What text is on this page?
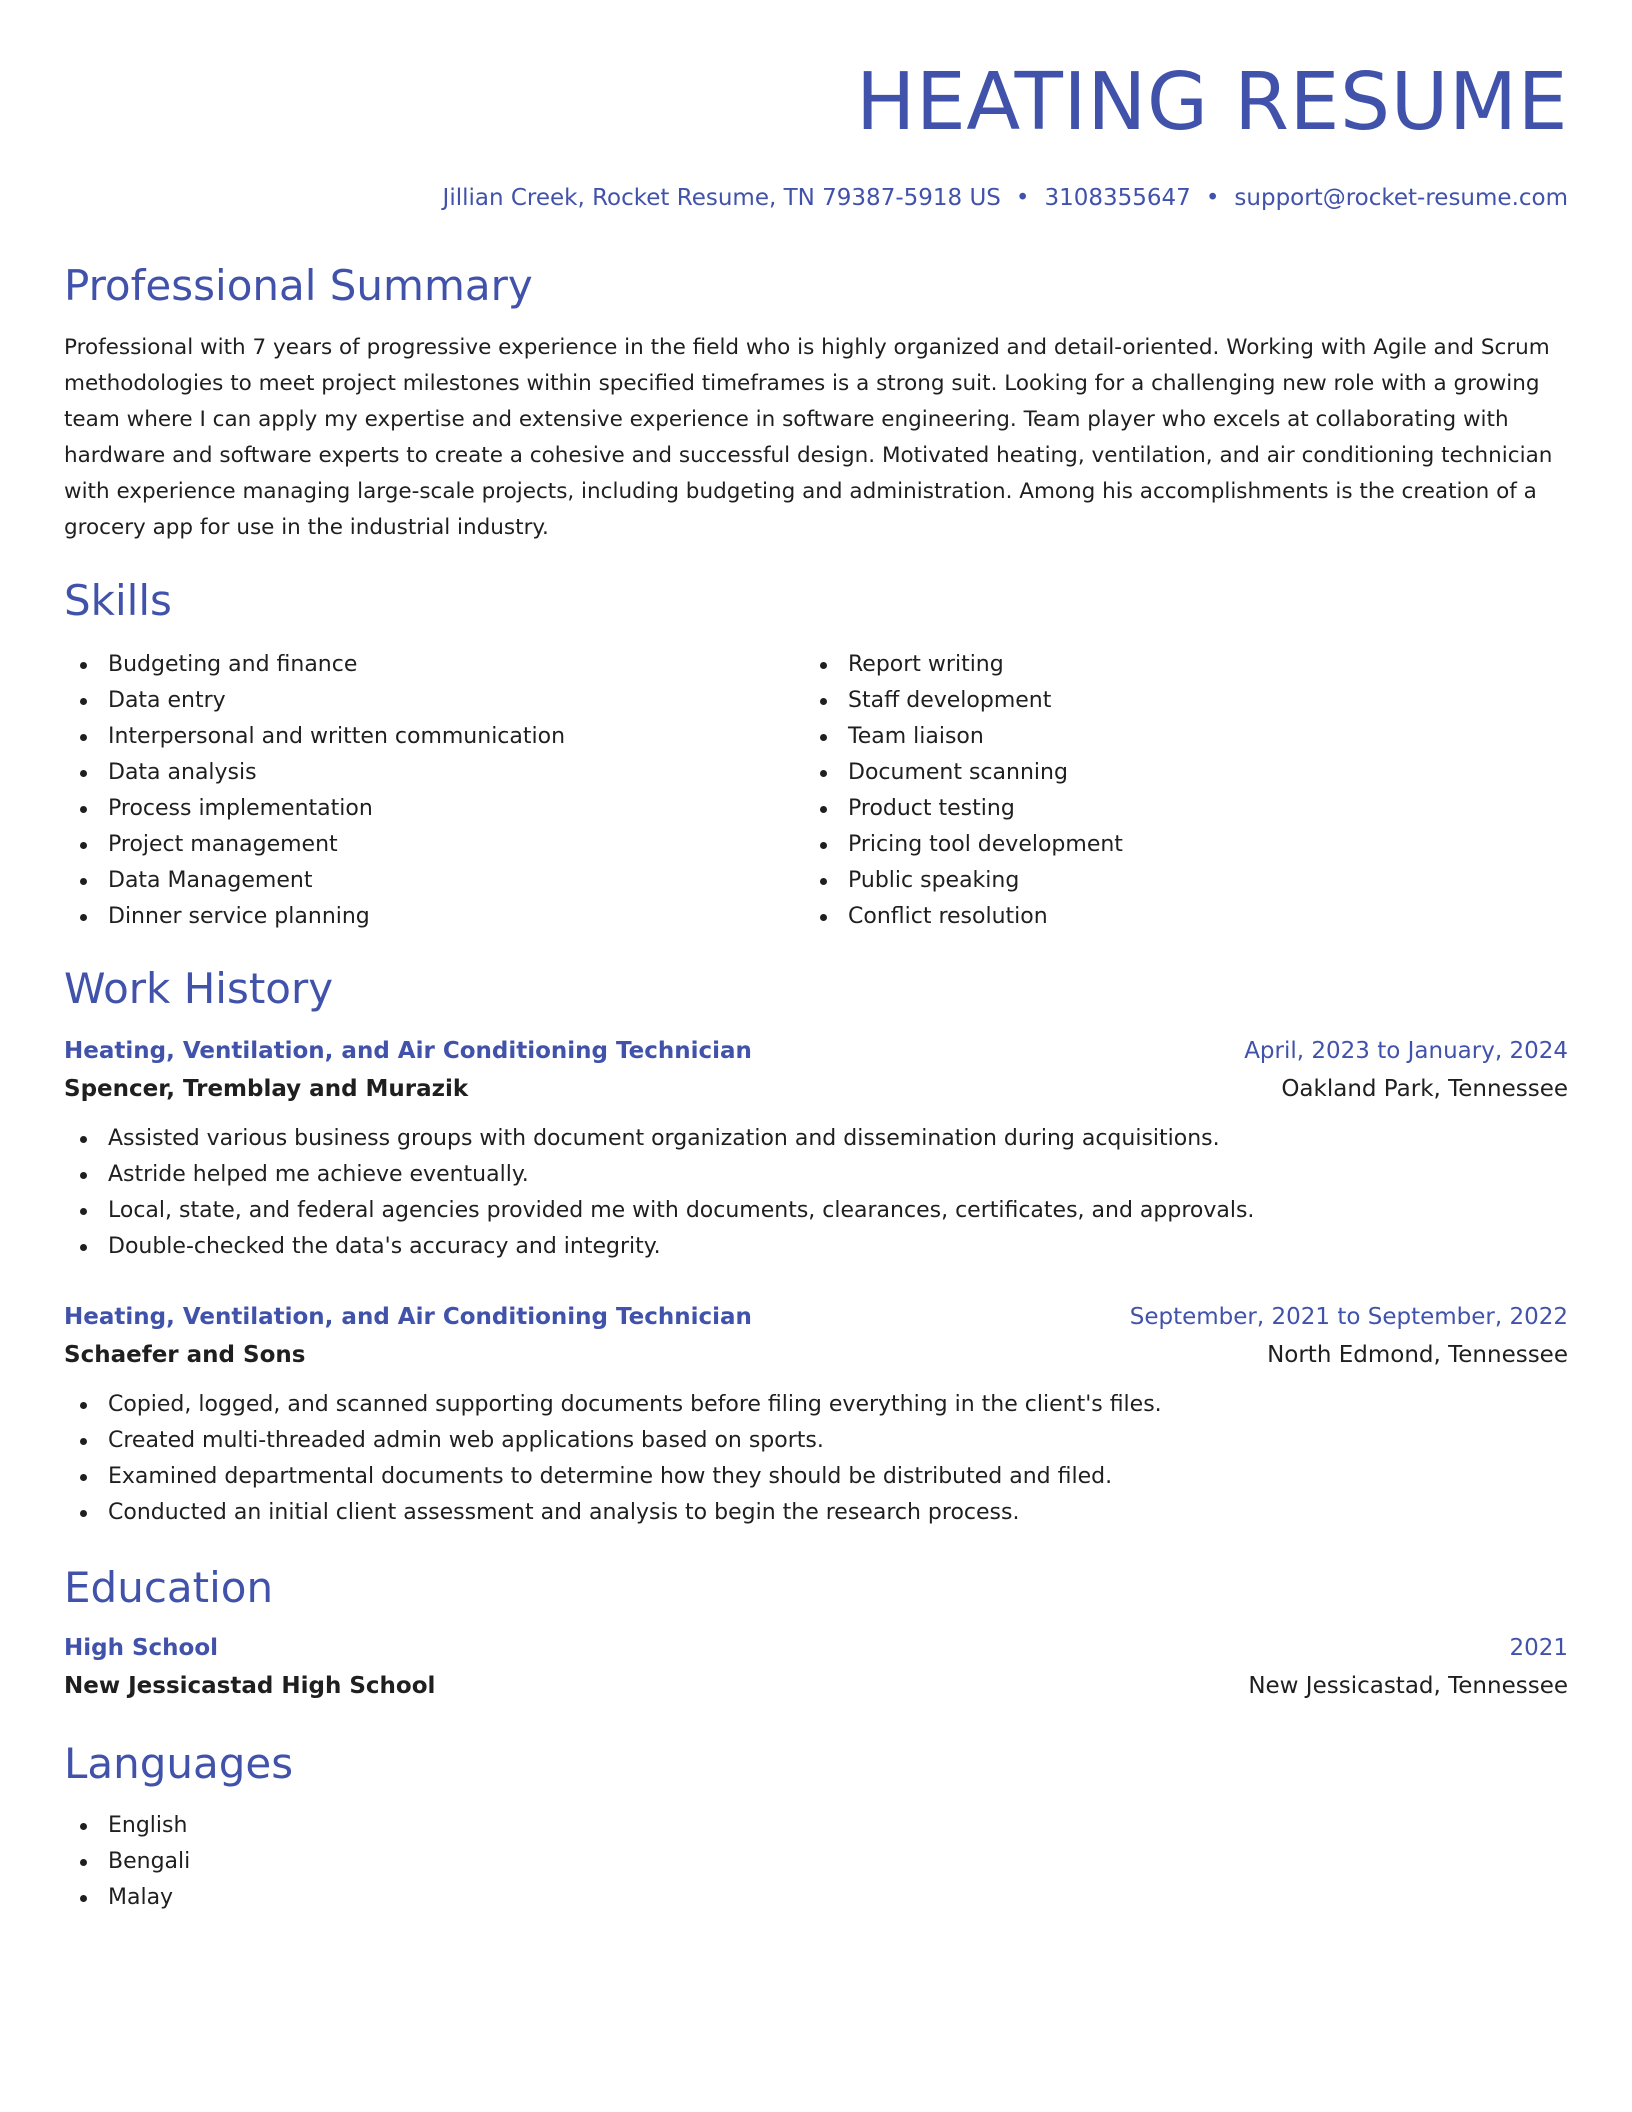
HEATING RESUME
Jillian Creek, Rocket Resume, TN 79387-5918 US • 3108355647 • support@rocket-resume.com
Professional Summary

Professional with 7 years of progressive experience in the field who is highly organized and detail-oriented. Working with Agile and Scrum methodologies to meet project milestones within specified timeframes is a strong suit. Looking for a challenging new role with a growing team where I can apply my expertise and extensive experience in software engineering. Team player who excels at collaborating with hardware and software experts to create a cohesive and successful design. Motivated heating, ventilation, and air conditioning technician with experience managing large-scale projects, including budgeting and administration. Among his accomplishments is the creation of a grocery app for use in the industrial industry.

Skills
Budgeting and finance
Data entry
Interpersonal and written communication
Data analysis
Process implementation
Project management
Data Management
Dinner service planning
Report writing
Staff development
Team liaison
Document scanning
Product testing
Pricing tool development
Public speaking
Conflict resolution
Work History
Heating, Ventilation, and Air Conditioning Technician	April, 2023 to January, 2024
Spencer, Tremblay and Murazik	Oakland Park, Tennessee
Assisted various business groups with document organization and dissemination during acquisitions.
Astride helped me achieve eventually.
Local, state, and federal agencies provided me with documents, clearances, certificates, and approvals.
Double-checked the data's accuracy and integrity.
Heating, Ventilation, and Air Conditioning Technician	September, 2021 to September, 2022
Schaefer and Sons	North Edmond, Tennessee
Copied, logged, and scanned supporting documents before filing everything in the client's files.
Created multi-threaded admin web applications based on sports.
Examined departmental documents to determine how they should be distributed and filed.
Conducted an initial client assessment and analysis to begin the research process.
Education
High School	2021
New Jessicastad High School	New Jessicastad, Tennessee
Languages
English
Bengali
Malay
